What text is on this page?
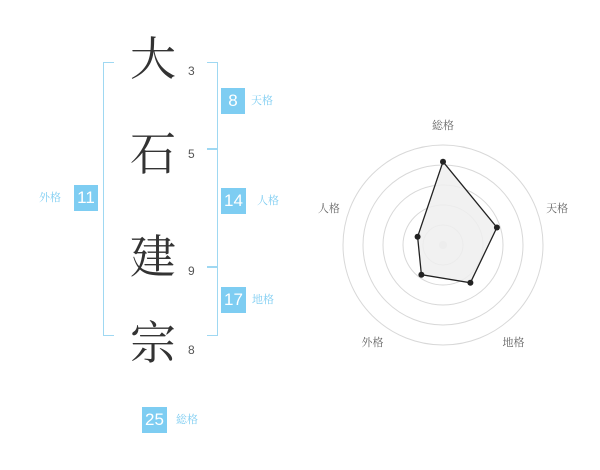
大 3
石 5
建 9
宗 8
8	天格
14 人格
17 地格
外格 11
25 総格
総格
天格
地格
外格
人格
